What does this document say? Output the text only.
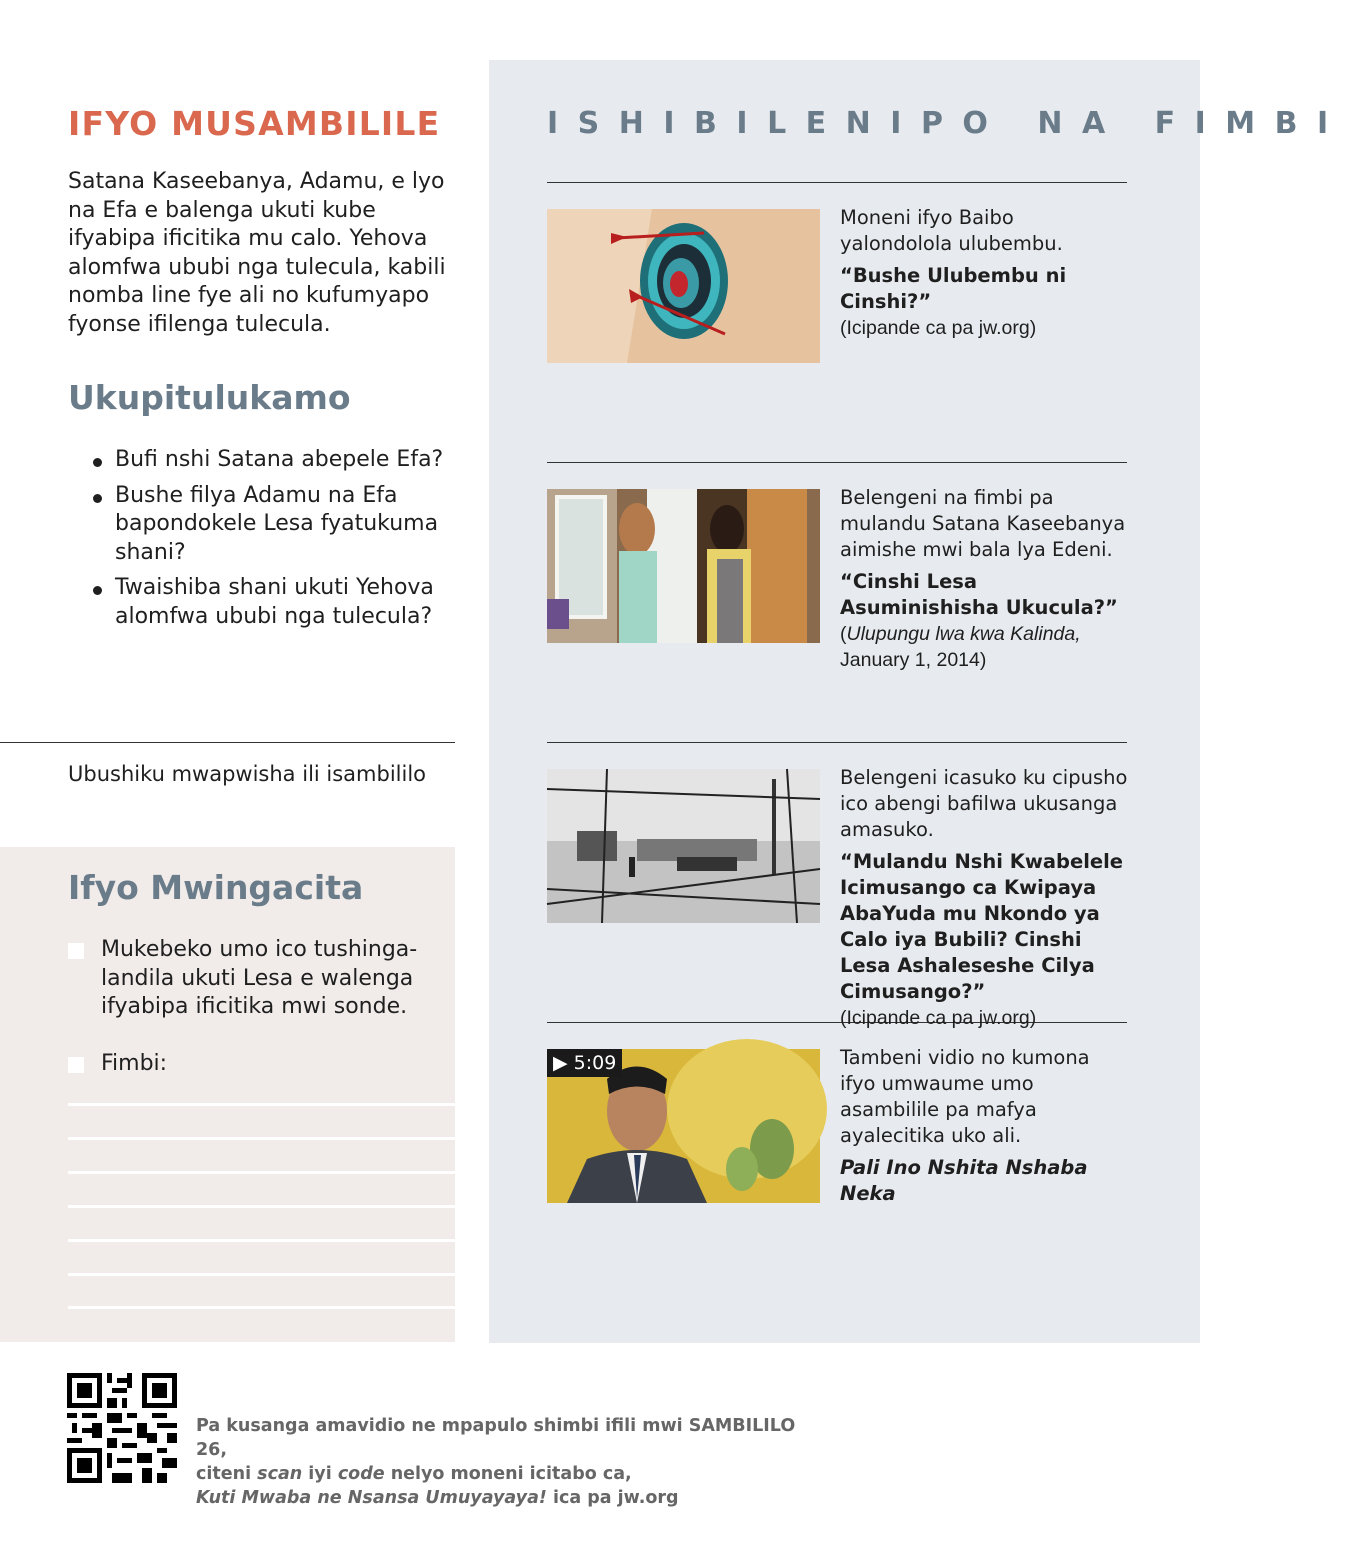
IFYO MUSAMBILILE

Satana Kaseebanya, Adamu, e lyo na Efa e balenga ukuti kube ifyabipa ificitika mu calo. Yehova alomfwa ububi nga tulecula, kabili nomba line fye ali no kufumyapo fyonse ifilenga tulecula.

Ukupitulukamo
Bufi nshi Satana abepele Efa?
Bushe filya Adamu na Efa bapondokele Lesa fyatukuma shani?
Twaishiba shani ukuti Yehova alomfwa ububi nga tulecula?
Ubushiku mwapwisha ili isambililo
Ifyo Mwingacita
Mukebeko umo ico tushingalandila ukuti Lesa e walenga ifyabipa ificitika mwi sonde.
Fimbi:
ISHIBILENIPO NA FIMBI

Moneni ifyo Baibo yalondolola ulubembu.

“Bushe Ulubembu ni Cinshi?”
(Icipande ca pa jw.org)

Belengeni na fimbi pa mulandu Satana Kaseebanya aimishe mwi bala lya Edeni.

“Cinshi Lesa Asuminishisha Ukucula?” (Ulupungu lwa kwa Kalinda, January 1, 2014)

Belengeni icasuko ku cipusho ico abengi bafilwa ukusanga amasuko.

“Mulandu Nshi Kwabelele Icimusango ca Kwipaya AbaYuda mu Nkondo ya Calo iya Bubili? Cinshi Lesa Ashaleseshe Cilya Cimusango?”
(Icipande ca pa jw.org)

▶ 5:09	Tambeni vidio no kumona ifyo umwaume umo asambilile pa mafya ayalecitika uko ali.

Pali Ino Nshita Nshaba Neka

Pa kusanga amavidio ne mpapulo shimbi ifili mwi SAMBILILO 26,
citeni scan iyi code nelyo moneni icitabo ca,
Kuti Mwaba ne Nsansa Umuyayaya! ica pa jw.org
